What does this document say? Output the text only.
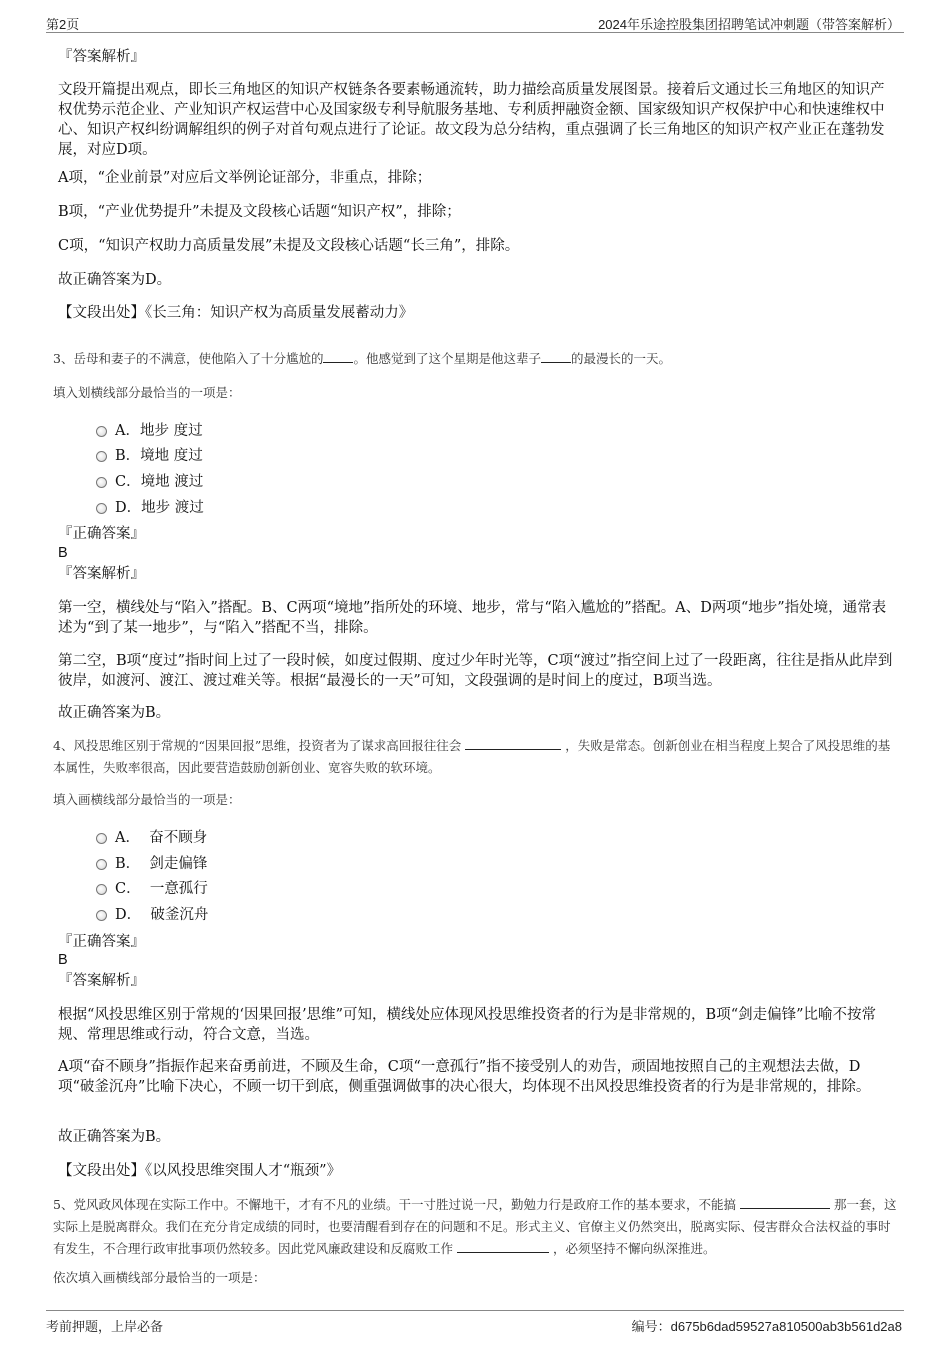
第2页	2024年乐途控股集团招聘笔试冲刺题（带答案解析）
『答案解析』
文段开篇提出观点，即长三角地区的知识产权链条各要素畅通流转，助力描绘高质量发展图景。接着后文通过长三角地区的知识产权优势示范企业、产业知识产权运营中心及国家级专利导航服务基地、专利质押融资金额、国家级知识产权保护中心和快速维权中心、知识产权纠纷调解组织的例子对首句观点进行了论证。故文段为总分结构，重点强调了长三角地区的知识产权产业正在蓬勃发展，对应D项。
A项，“企业前景”对应后文举例论证部分，非重点，排除；
B项，“产业优势提升”未提及文段核心话题“知识产权”，排除；
C项，“知识产权助力高质量发展”未提及文段核心话题“长三角”，排除。
故正确答案为D。
【文段出处】《长三角：知识产权为高质量发展蓄动力》
3、岳母和妻子的不满意，使他陷入了十分尴尬的 。他感觉到了这个星期是他这辈子 的最漫长的一天。
填入划横线部分最恰当的一项是：
A．地步 度过
B．境地 度过
C．境地 渡过
D．地步 渡过
『正确答案』
B
『答案解析』
第一空，横线处与“陷入”搭配。B、C两项“境地”指所处的环境、地步，常与“陷入尴尬的”搭配。A、D两项“地步”指处境，通常表述为“到了某一地步”，与“陷入”搭配不当，排除。
第二空，B项“度过”指时间上过了一段时候，如度过假期、度过少年时光等，C项“渡过”指空间上过了一段距离，往往是指从此岸到彼岸，如渡河、渡江、渡过难关等。根据“最漫长的一天”可知，文段强调的是时间上的度过，B项当选。
故正确答案为B。
4、风投思维区别于常规的“因果回报”思维，投资者为了谋求高回报往往会	，失败是常态。创新创业在相当程度上契合了风投思维的基本属性，失败率很高，因此要营造鼓励创新创业、宽容失败的软环境。
填入画横线部分最恰当的一项是：
A．  奋不顾身
B．  剑走偏锋
C．  一意孤行
D．  破釜沉舟
『正确答案』
B
『答案解析』
根据“风投思维区别于常规的‘因果回报’思维”可知，横线处应体现风投思维投资者的行为是非常规的，B项“剑走偏锋”比喻不按常规、常理思维或行动，符合文意，当选。
A项“奋不顾身”指振作起来奋勇前进，不顾及生命，C项“一意孤行”指不接受别人的劝告，顽固地按照自己的主观想法去做，D项“破釜沉舟”比喻下决心，不顾一切干到底，侧重强调做事的决心很大，均体现不出风投思维投资者的行为是非常规的，排除。
故正确答案为B。
【文段出处】《以风投思维突围人才“瓶颈”》
5、党风政风体现在实际工作中。不懈地干，才有不凡的业绩。干一寸胜过说一尺，勤勉力行是政府工作的基本要求，不能搞	那一套，这实际上是脱离群众。我们在充分肯定成绩的同时，也要清醒看到存在的问题和不足。形式主义、官僚主义仍然突出，脱离实际、侵害群众合法权益的事时有发生，不合理行政审批事项仍然较多。因此党风廉政建设和反腐败工作	，必须坚持不懈向纵深推进。
依次填入画横线部分最恰当的一项是：
考前押题，上岸必备	编号：d675b6dad59527a810500ab3b561d2a8
